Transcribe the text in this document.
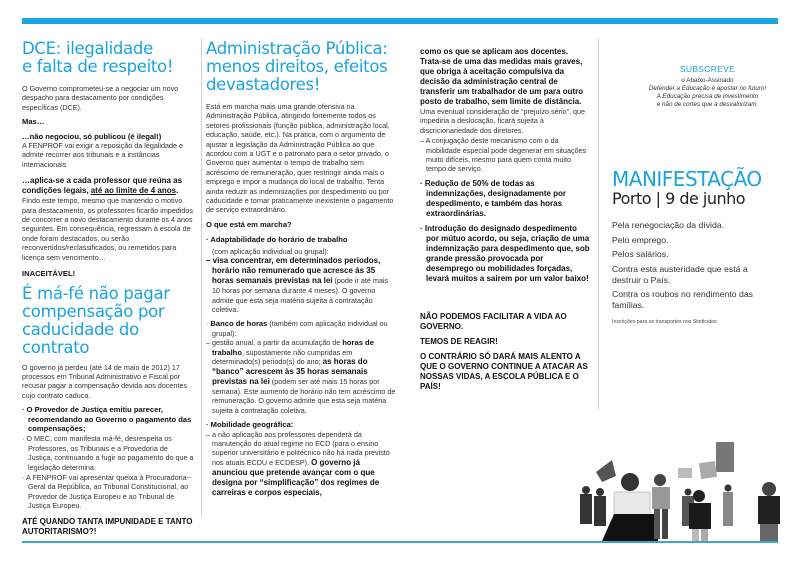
DCE: ilegalidade
e falta de respeito!

O Governo comprometeu-se a negociar um novo despacho para destacamento por condições específicas (DCE).

Mas…

…não negociou, só publicou (é ilegal!)
A FENPROF vai exigir a reposição da legalidade e admite recorrer aos tribunais e a instâncias internacionais

…aplica-se a cada professor que reúna as condições legais, até ao limite de 4 anos.
Findo este tempo, mesmo que mantendo o motivo para destacamento, os professores ficarão impedidos de concorrer a novo destacamento durante os 4 anos seguintes. Em consequência, regressam à escola de onde foram destacados, ou serão reconvertidos/reclassificados, ou remetidos para licença sem vencimento…

INACEITÁVEL!

É má-fé não pagar
compensação por
caducidade do contrato

O governo já perdeu (até 14 de maio de 2012) 17 processos em Tribunal Administrativo e Fiscal por recusar pagar a compensação devida aos docentes cujo contrato caduca.

· O Provedor de Justiça emitiu parecer, recomendando ao Governo o pagamento das compensações;
· O MEC, com manifesta má-fé, desrespeita os Professores, os Tribunais e a Provedoria de Justiça, continuando a fugir ao pagamento do que a legislação determina.
· A FENPROF vai apresentar queixa à Procuradoria--Geral da República, ao Tribunal Constitucional, ao Provedor de Justiça Europeu e ao Tribunal de Justiça Europeu.

ATÉ QUANDO TANTA IMPUNIDADE E TANTO AUTORITARISMO?!

Administração Pública:
menos direitos, efeitos
devastadores!

Está em marcha mais uma grande ofensiva na Administração Pública, atingindo fortemente todos os setores profissionais (função pública, administração local, educação, saúde, etc.). Na prática, com o argumento de ajustar a legislação da Administração Pública ao que acordou com a UGT e o patronato para o setor privado, o Governo quer aumentar o tempo de trabalho sem acréscimo de remuneração, quer restringir ainda mais o emprego e impor a mudança do local de trabalho. Tenta ainda reduzir as indemnizações por despedimento ou por caducidade e tornar praticamente inexistente o pagamento de serviço extraordinário.

O que está em marcha?

· Adaptabilidade do horário de trabalho
(com aplicação individual ou grupal):
– visa concentrar, em determinados periodos, horário não remunerado que acresce às 35 horas semanais previstas na lei (pode ir até mais 10 horas por semana durante 4 meses). O governo admite que esta seja matéria sujeita à contratação coletiva.
· Banco de horas (também com aplicação individual ou grupal):
– gestão anual, a partir da acumulação de horas de trabalho, supostamente não cumpridas em determinado(s) periodo(s) do ano; as horas do “banco” acrescem às 35 horas semanais previstas na lei (podem ser até mais 15 horas por semana). Este aumento de horário não tem acréscimo de remuneração. O governo admite que esta seja matéria sujeita à contratação coletiva.
· Mobilidade geográfica:
– a não aplicação aos professores dependerá da manutenção do atual regime no ECD (para o ensino superior universitário e politécnico não há nada previsto nos atuais ECDU e ECDESP). O governo já anunciou que pretende avançar com o que designa por “simplificação” dos regimes de carreiras e corpos especiais,

como os que se aplicam aos docentes. Trata-se de uma das medidas mais graves, que obriga à aceitação compulsiva da decisão da administração central de transferir um trabalhador de um para outro posto de trabalho, sem limite de distância.
Uma eventual consideração de “prejuízo sério”, que impediria a deslocação, ficará sujeita à discricionariedade dos diretores.

– A conjugação deste mecanismo com o da mobilidade especial pode degenerar em situações muito difíceis, mesmo para quem conta muito tempo de serviço.

· Redução de 50% de todas as indemnizações, designadamente por despedimento, e também das horas extraordinárias.
· Introdução do designado despedimento por mútuo acordo, ou seja, criação de uma indemnização para despedimento que, sob grande pressão provocada por desemprego ou mobilidades forçadas, levará muitos a sairem por um valor baixo!

NÃO PODEMOS FACILITAR A VIDA AO GOVERNO.

TEMOS DE REAGIR!

O CONTRÁRIO SÓ DARÁ MAIS ALENTO A QUE O GOVERNO CONTINUE A ATACAR AS NOSSAS VIDAS, A ESCOLA PÚBLICA E O PAÍS!

SUBSCREVE
o Abaixo-Assinado
Defender a Educação é apostar no futuro!
A Educação precisa de investimento
e não de cortes que a desvalorizam.
MANIFESTAÇÃO
Porto | 9 de junho
Pela renegociação da dívida.
Pelo emprego.
Pelos salários.
Contra esta austeridade que está a destruir o País.
Contra os roubos no rendimento das famílias.
Inscrições para os transportes nos Sindicatos
